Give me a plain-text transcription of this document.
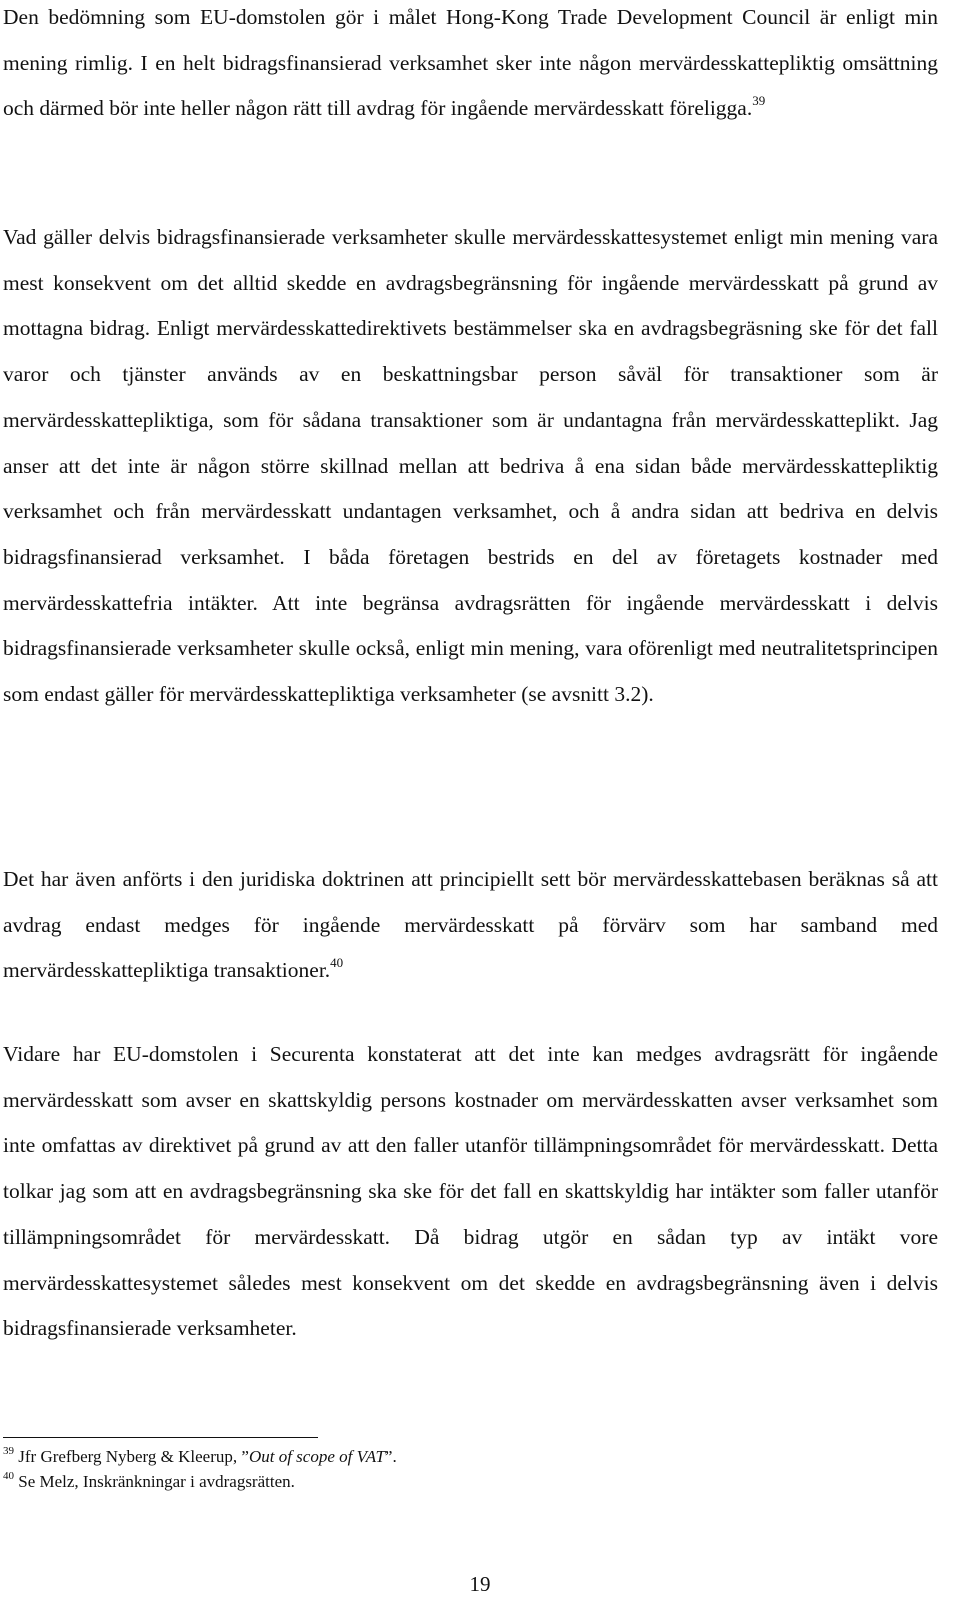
Den bedömning som EU-domstolen gör i målet Hong-Kong Trade Development Council är enligt min mening rimlig. I en helt bidragsfinansierad verksamhet sker inte någon mervärdesskattepliktig omsättning och därmed bör inte heller någon rätt till avdrag för ingående mervärdesskatt föreligga.$^{39}$

Vad gäller delvis bidragsfinansierade verksamheter skulle mervärdesskattesystemet enligt min mening vara mest konsekvent om det alltid skedde en avdragsbegränsning för ingående mervärdesskatt på grund av mottagna bidrag. Enligt mervärdesskattedirektivets bestämmelser ska en avdragsbegräsning ske för det fall varor och tjänster används av en beskattningsbar person såväl för transaktioner som är mervärdesskattepliktiga, som för sådana transaktioner som är undantagna från mervärdesskatteplikt. Jag anser att det inte är någon större skillnad mellan att bedriva å ena sidan både mervärdesskattepliktig verksamhet och från mervärdesskatt undantagen verksamhet, och å andra sidan att bedriva en delvis bidragsfinansierad verksamhet. I båda företagen bestrids en del av företagets kostnader med mervärdesskattefria intäkter. Att inte begränsa avdragsrätten för ingående mervärdesskatt i delvis bidragsfinansierade verksamheter skulle också, enligt min mening, vara oförenligt med neutralitetsprincipen som endast gäller för mervärdesskattepliktiga verksamheter (se avsnitt 3.2).

Det har även anförts i den juridiska doktrinen att principiellt sett bör mervärdesskattebasen beräknas så att avdrag endast medges för ingående mervärdesskatt på förvärv som har samband med mervärdesskattepliktiga transaktioner.$^{40}$

Vidare har EU-domstolen i Securenta konstaterat att det inte kan medges avdragsrätt för ingående mervärdesskatt som avser en skattskyldig persons kostnader om mervärdesskatten avser verksamhet som inte omfattas av direktivet på grund av att den faller utanför tillämpningsområdet för mervärdesskatt. Detta tolkar jag som att en avdragsbegränsning ska ske för det fall en skattskyldig har intäkter som faller utanför tillämpningsområdet för mervärdesskatt. Då bidrag utgör en sådan typ av intäkt vore mervärdesskattesystemet således mest konsekvent om det skedde en avdragsbegränsning även i delvis bidragsfinansierade verksamheter.

$^{39}$ Jfr Grefberg Nyberg & Kleerup, ”Out of scope of VAT”.
$^{40}$ Se Melz, Inskränkningar i avdragsrätten.
19
